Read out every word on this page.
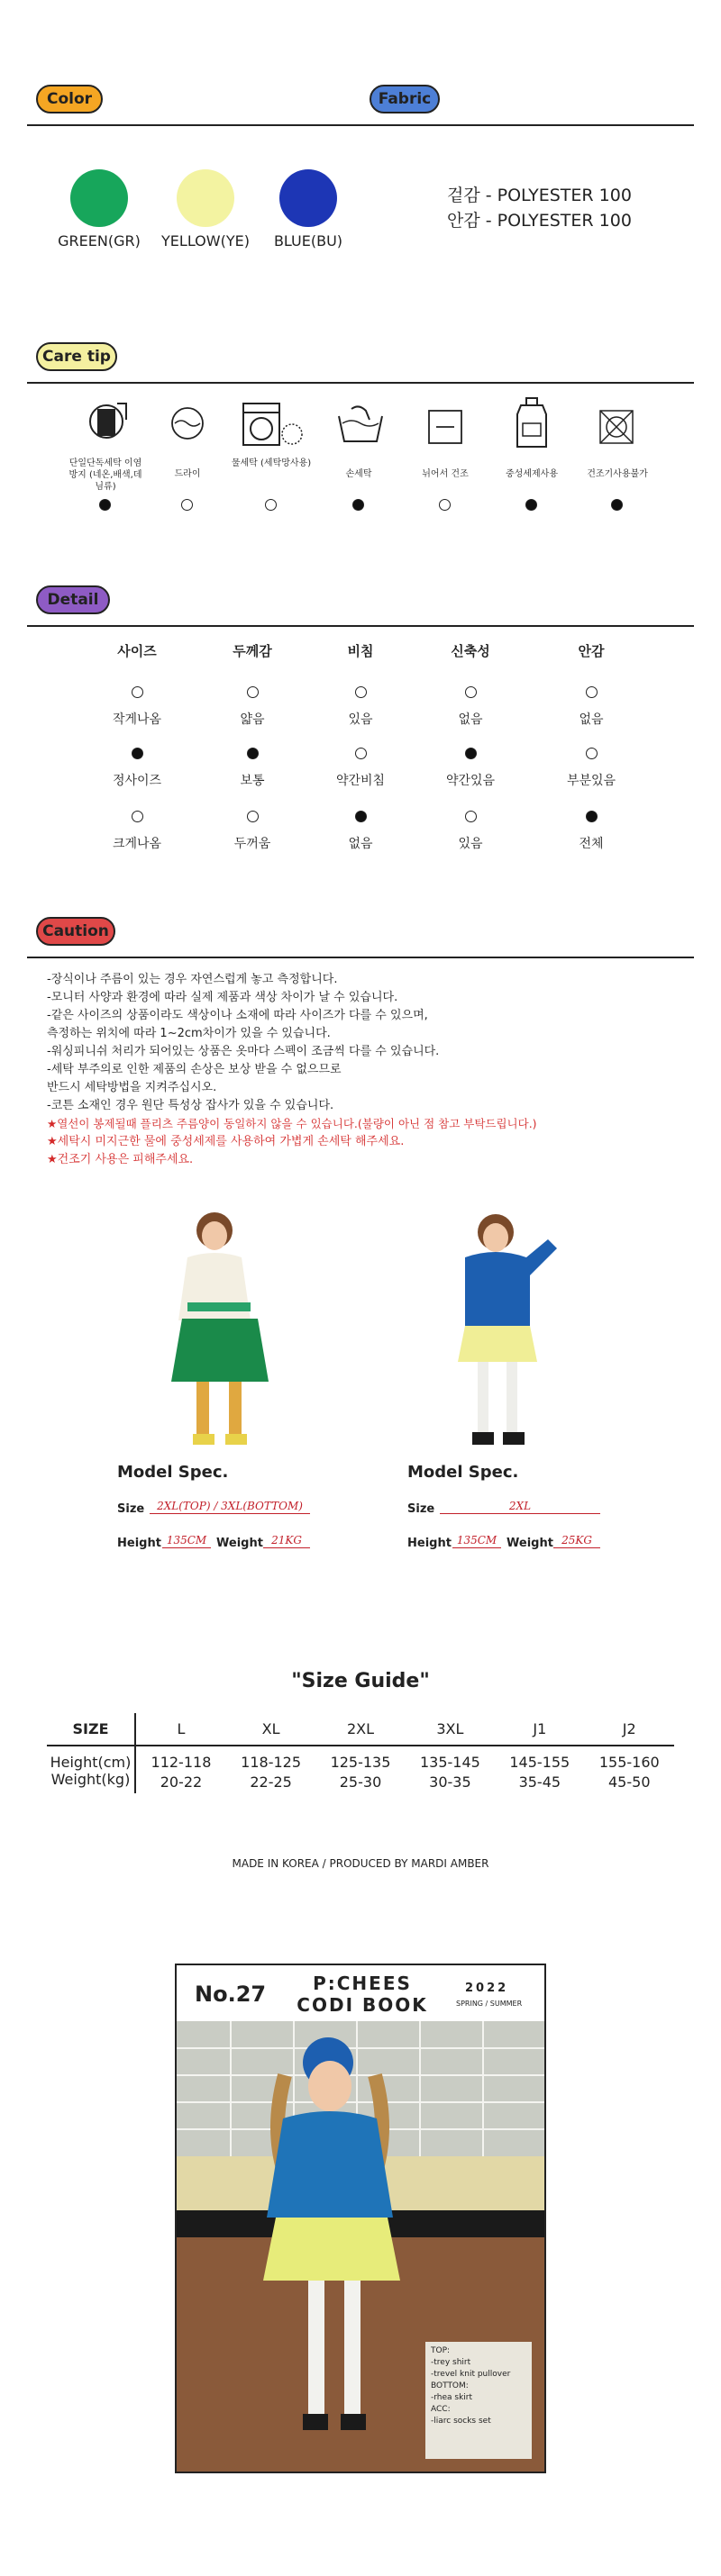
Color	Fabric
GREEN(GR)	YELLOW(YE)	BLUE(BU)
겉감 - POLYESTER 100
안감 - POLYESTER 100
Care tip
단일단독세탁 이염방지 (네온,배색,데님류)
드라이
물세탁 (세탁망사용)
손세탁	뉘어서 건조	중성세제사용	건조기사용불가
Detail
사이즈	두께감	비침	신축성	안감
작게나옴	얇음	있음	없음	없음
정사이즈	보통	약간비침	약간있음	부분있음
크게나옴	두꺼움	없음	있음	전체
Caution
-장식이나 주름이 있는 경우 자연스럽게 놓고 측정합니다.
-모니터 사양과 환경에 따라 실제 제품과 색상 차이가 날 수 있습니다.
-같은 사이즈의 상품이라도 색상이나 소재에 따라 사이즈가 다를 수 있으며,
측정하는 위치에 따라 1~2cm차이가 있을 수 있습니다.
-워싱피니쉬 처리가 되어있는 상품은 옷마다 스펙이 조금씩 다를 수 있습니다.
-세탁 부주의로 인한 제품의 손상은 보상 받을 수 없으므로
반드시 세탁방법을 지켜주십시오.
-코튼 소재인 경우 원단 특성상 잡사가 있을 수 있습니다.
★열선이 봉제될때 플리츠 주름양이 동일하지 않을 수 있습니다.(불량이 아닌 점 참고 부탁드립니다.)
★세탁시 미지근한 물에 중성세제를 사용하여 가볍게 손세탁 해주세요.
★건조기 사용은 피해주세요.
Model Spec.
Size	2XL(TOP) / 3XL(BOTTOM)
Height 135CM Weight 21KG
Model Spec.
Size	2XL
Height 135CM Weight 25KG
"Size Guide"
SIZE	L	XL	2XL	3XL	J1	J2
Height(cm)	112-118	118-125	125-135	135-145	145-155	155-160
Weight(kg)	20-22	22-25	25-30	30-35	35-45	45-50
MADE IN KOREA / PRODUCED BY MARDI AMBER
No.27	P:CHEES
CODI BOOK
2022
SPRING / SUMMER
TOP:
-trey shirt
-trevel knit pullover
BOTTOM:
-rhea skirt
ACC:
-liarc socks set
